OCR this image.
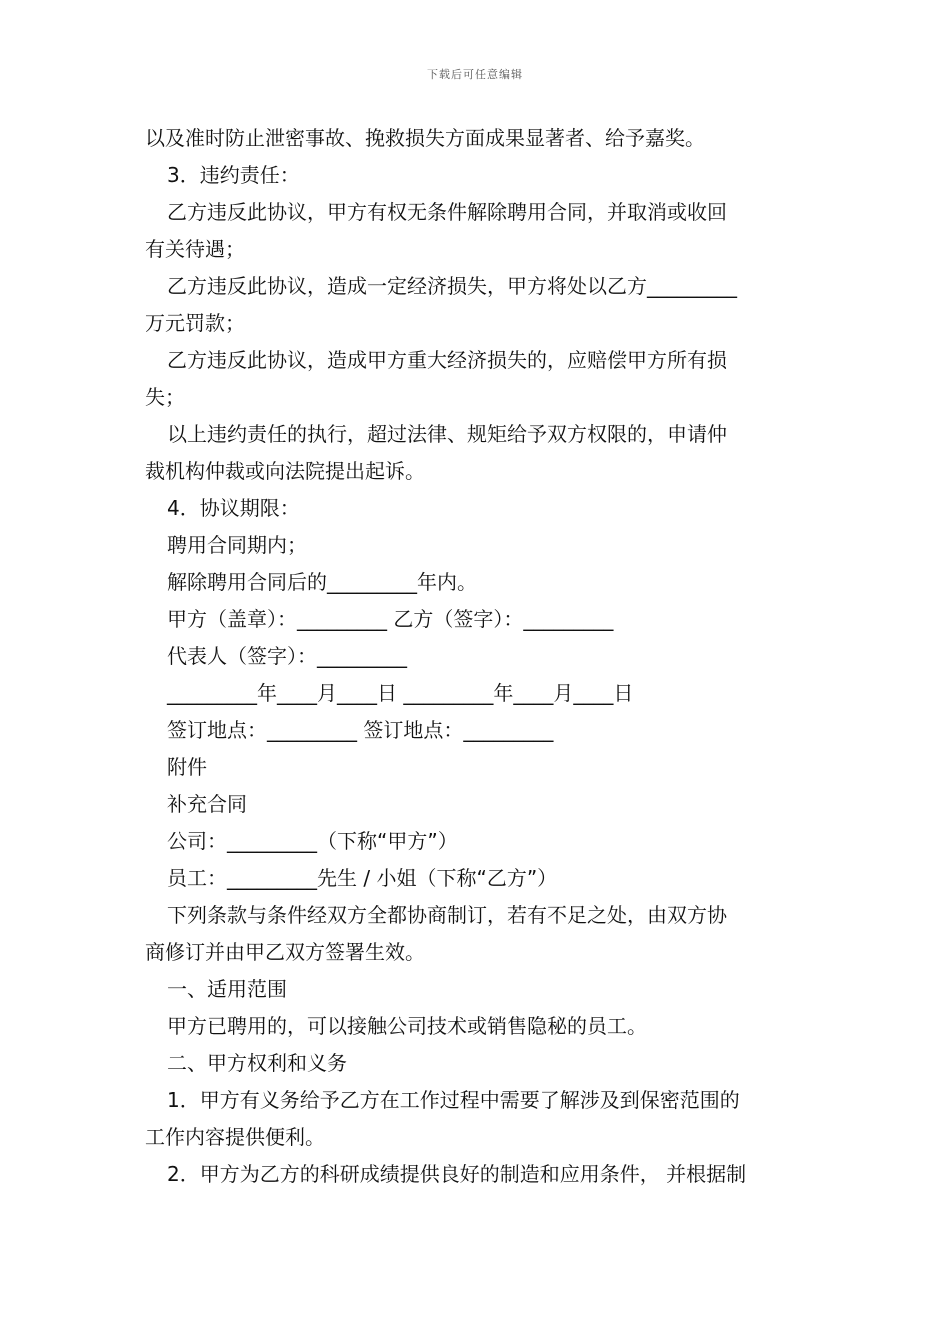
下载后可任意编辑

以及准时防止泄密事故、挽救损失方面成果显著者、给予嘉奖。

3．违约责任：

乙方违反此协议，甲方有权无条件解除聘用合同，并取消或收回

有关待遇；

乙方违反此协议，造成一定经济损失，甲方将处以乙方_________

万元罚款；

乙方违反此协议，造成甲方重大经济损失的，应赔偿甲方所有损

失；

以上违约责任的执行，超过法律、规矩给予双方权限的，申请仲

裁机构仲裁或向法院提出起诉。

4．协议期限：

聘用合同期内；

解除聘用合同后的_________年内。

甲方（盖章）：_________ 乙方（签字）：_________

代表人（签字）：_________

_________年____月____日 _________年____月____日

签订地点：_________ 签订地点：_________

附件

补充合同

公司：_________（下称“甲方”）

员工：_________先生 / 小姐（下称“乙方”）

下列条款与条件经双方全都协商制订，若有不足之处，由双方协

商修订并由甲乙双方签署生效。

一、适用范围

甲方已聘用的，可以接触公司技术或销售隐秘的员工。

二、甲方权利和义务

1．甲方有义务给予乙方在工作过程中需要了解涉及到保密范围的

工作内容提供便利。

2．甲方为乙方的科研成绩提供良好的制造和应用条件， 并根据制
